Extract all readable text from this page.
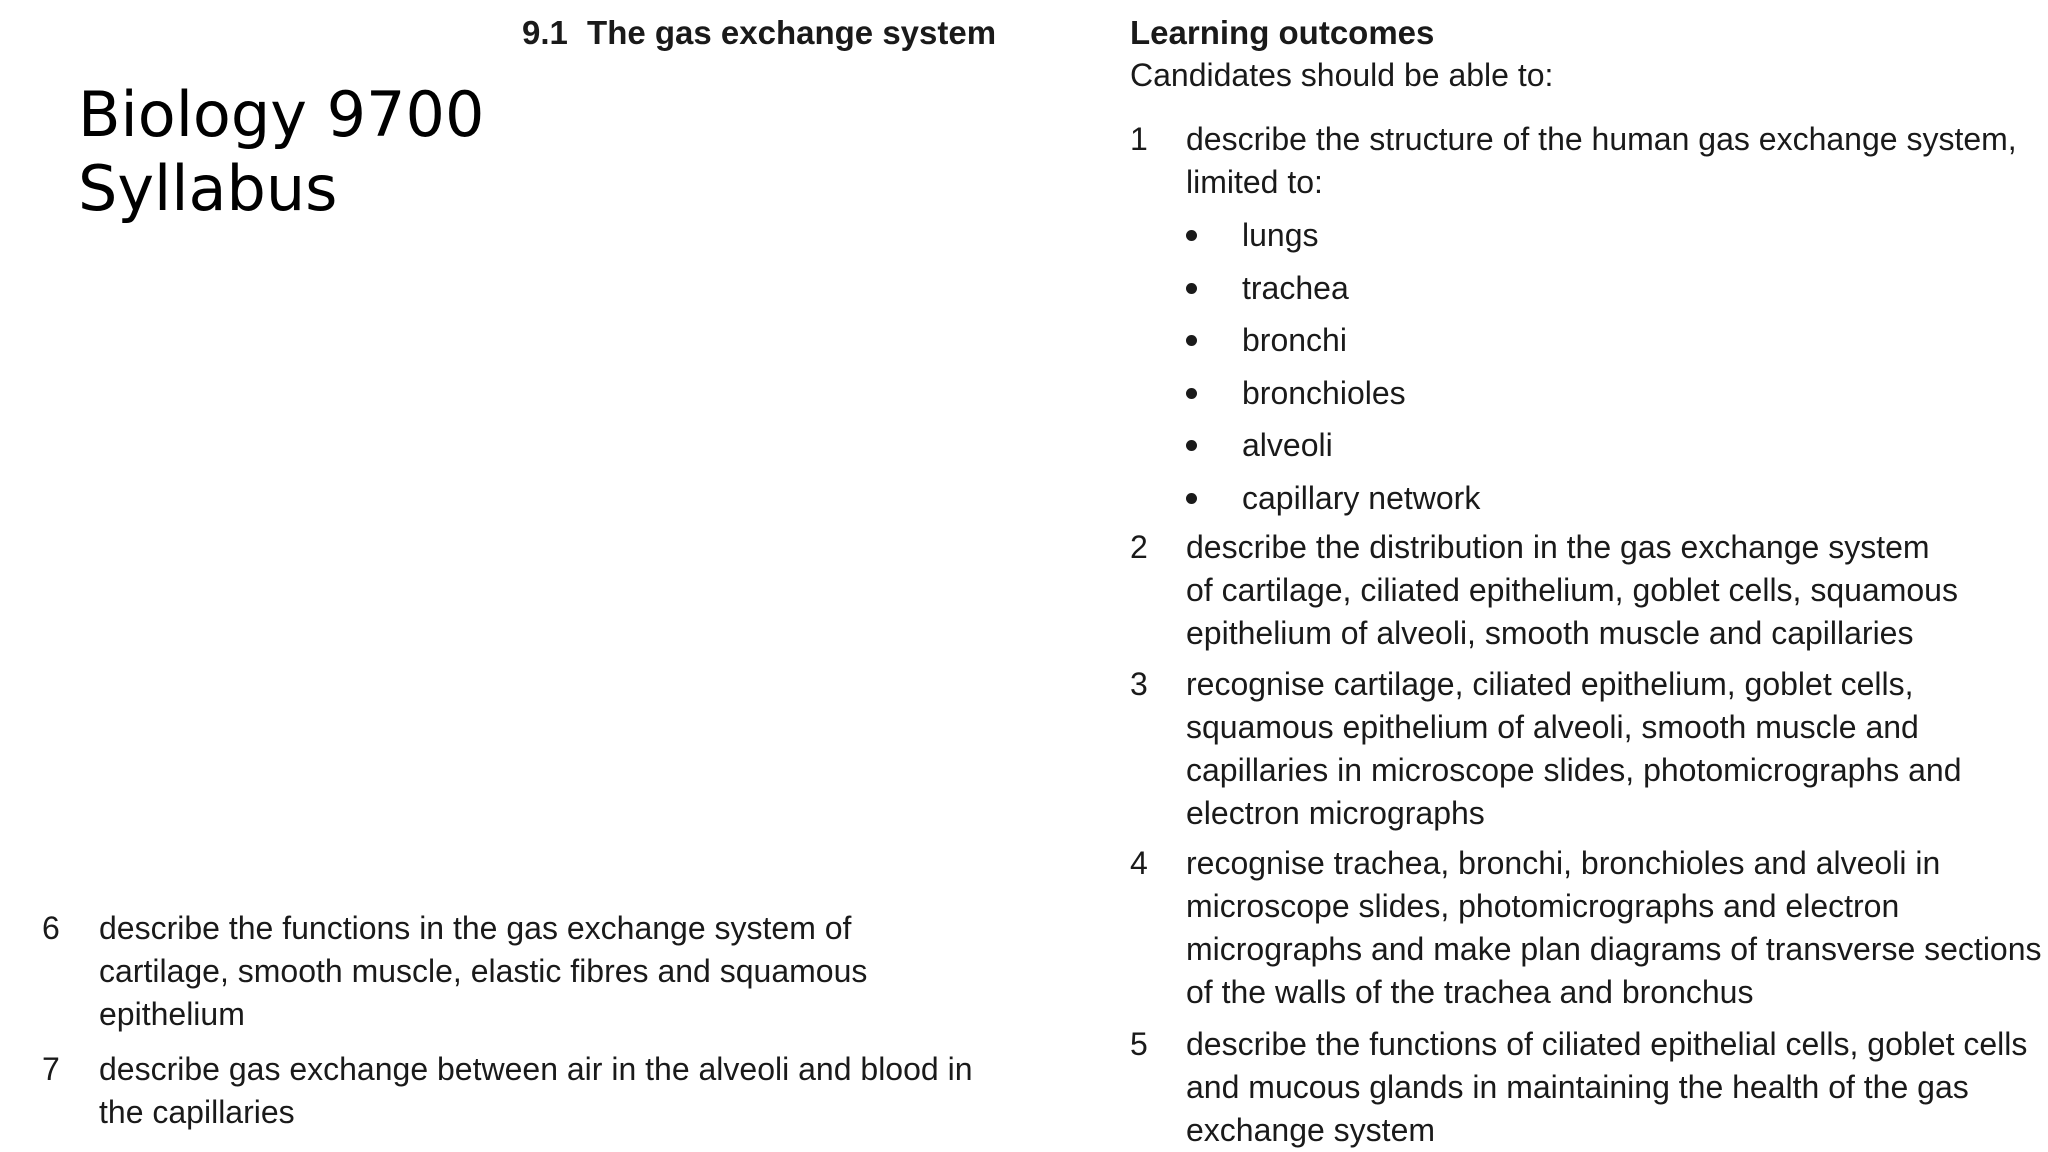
Biology 9700
Syllabus
9.1 The gas exchange system	Learning outcomes

Candidates should be able to:

1 describe the structure of the human gas exchange system,
limited to:
lungs
trachea
bronchi
bronchioles
alveoli
capillary network
2 describe the distribution in the gas exchange system
of cartilage, ciliated epithelium, goblet cells, squamous
epithelium of alveoli, smooth muscle and capillaries
3 recognise cartilage, ciliated epithelium, goblet cells,
squamous epithelium of alveoli, smooth muscle and
capillaries in microscope slides, photomicrographs and
electron micrographs
4 recognise trachea, bronchi, bronchioles and alveoli in
microscope slides, photomicrographs and electron
micrographs and make plan diagrams of transverse sections
of the walls of the trachea and bronchus
5 describe the functions of ciliated epithelial cells, goblet cells
and mucous glands in maintaining the health of the gas
exchange system
6 describe the functions in the gas exchange system of
cartilage, smooth muscle, elastic fibres and squamous
epithelium
7 describe gas exchange between air in the alveoli and blood in
the capillaries
